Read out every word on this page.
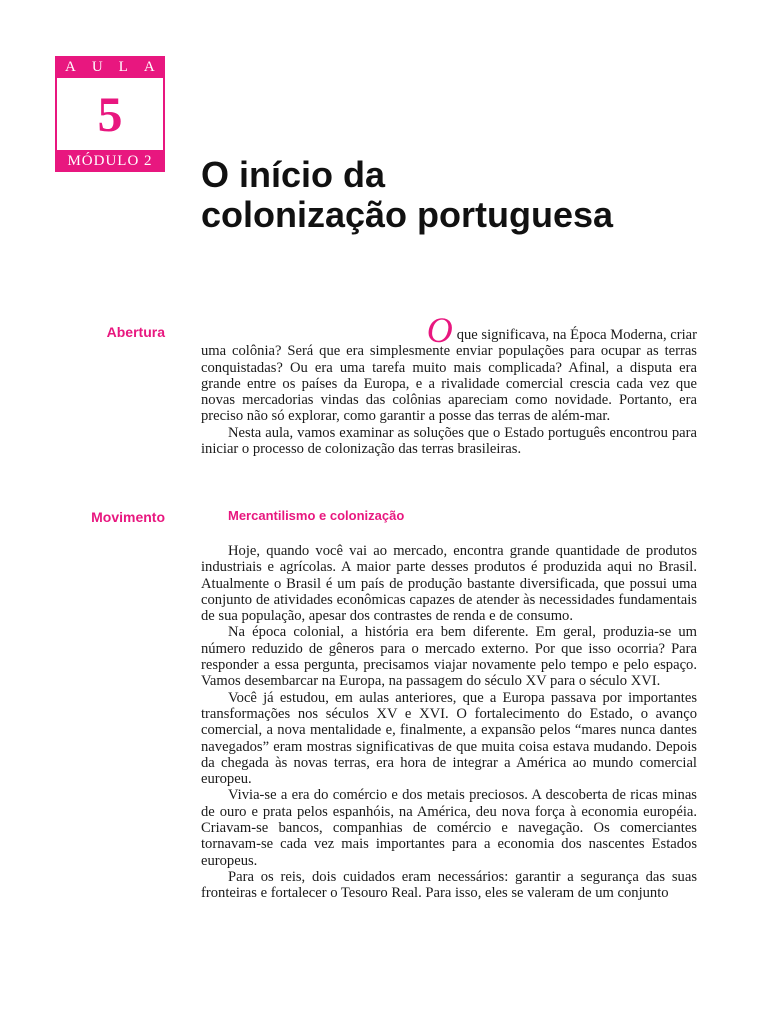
AULA
5
MÓDULO 2	O início da
colonização portuguesa
Abertura	Oque significava, na Época Moderna, criar
uma colônia? Será que era simplesmente enviar populações para ocupar as terras conquistadas? Ou era uma tarefa muito mais complicada? Afinal, a disputa era grande entre os países da Europa, e a rivalidade comercial crescia cada vez que novas mercadorias vindas das colônias apareciam como novidade. Portanto, era preciso não só explorar, como garantir a posse das terras de além-mar.

Nesta aula, vamos examinar as soluções que o Estado português encontrou para iniciar o processo de colonização das terras brasileiras.

Movimento	Mercantilismo e colonização

Hoje, quando você vai ao mercado, encontra grande quantidade de produtos industriais e agrícolas. A maior parte desses produtos é produzida aqui no Brasil. Atualmente o Brasil é um país de produção bastante diversificada, que possui uma conjunto de atividades econômicas capazes de atender às necessidades fundamentais de sua população, apesar dos contrastes de renda e de consumo.

Na época colonial, a história era bem diferente. Em geral, produzia-se um número reduzido de gêneros para o mercado externo. Por que isso ocorria? Para responder a essa pergunta, precisamos viajar novamente pelo tempo e pelo espaço. Vamos desembarcar na Europa, na passagem do século XV para o século XVI.

Você já estudou, em aulas anteriores, que a Europa passava por importantes transformações nos séculos XV e XVI. O fortalecimento do Estado, o avanço comercial, a nova mentalidade e, finalmente, a expansão pelos “mares nunca dantes navegados” eram mostras significativas de que muita coisa estava mudando. Depois da chegada às novas terras, era hora de integrar a América ao mundo comercial europeu.

Vivia-se a era do comércio e dos metais preciosos. A descoberta de ricas minas de ouro e prata pelos espanhóis, na América, deu nova força à economia européia. Criavam-se bancos, companhias de comércio e navegação. Os comerciantes tornavam-se cada vez mais importantes para a economia dos nascentes Estados europeus.

Para os reis, dois cuidados eram necessários: garantir a segurança das suas fronteiras e fortalecer o Tesouro Real. Para isso, eles se valeram de um conjunto
